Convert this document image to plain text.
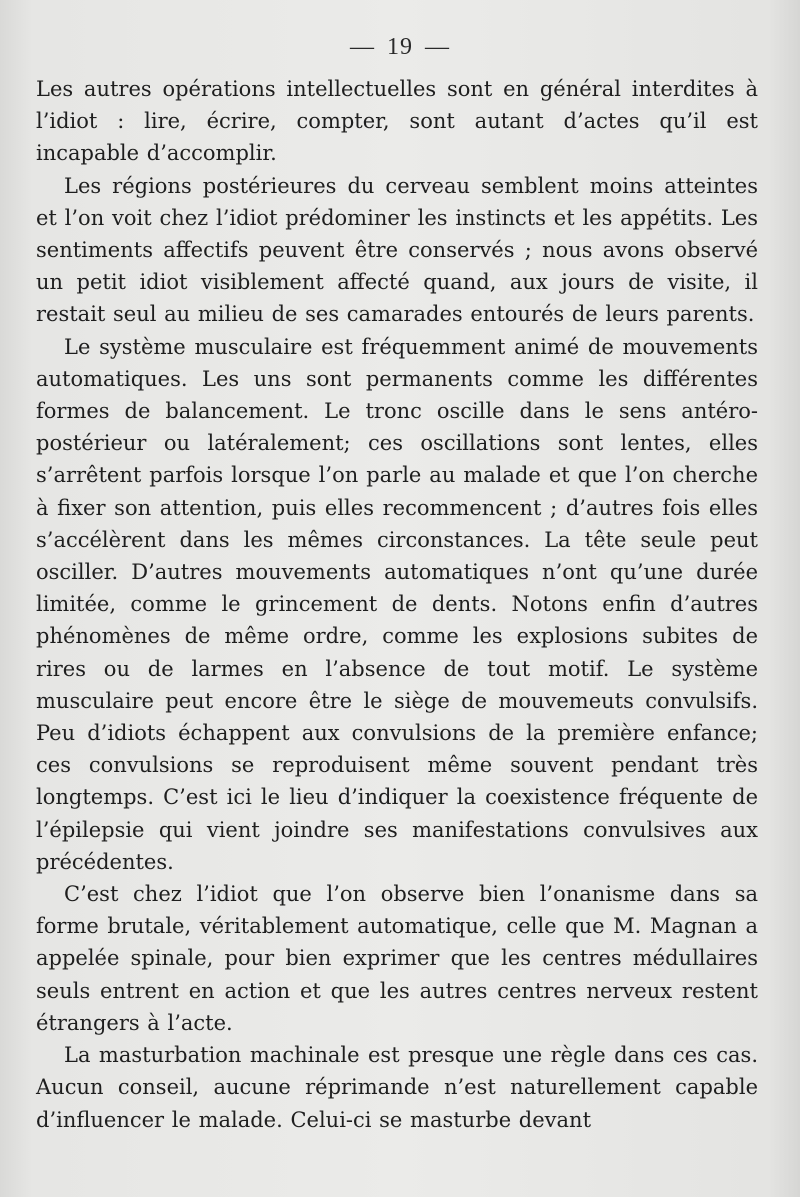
— 19 —

Les autres opérations intellectuelles sont en général interdites à l’idiot : lire, écrire, compter, sont autant d’actes qu’il est incapable d’accomplir.

Les régions postérieures du cerveau semblent moins atteintes et l’on voit chez l’idiot prédominer les instincts et les appétits. Les sentiments affectifs peuvent être conservés ; nous avons observé un petit idiot visiblement affecté quand, aux jours de visite, il restait seul au milieu de ses camarades entourés de leurs parents.

Le système musculaire est fréquemment animé de mouvements automatiques. Les uns sont permanents comme les différentes formes de balancement. Le tronc oscille dans le sens antéro-postérieur ou latéralement; ces oscillations sont lentes, elles s’arrêtent parfois lorsque l’on parle au malade et que l’on cherche à fixer son attention, puis elles recommencent ; d’autres fois elles s’accélèrent dans les mêmes circonstances. La tête seule peut osciller. D’autres mouvements automatiques n’ont qu’une durée limitée, comme le grincement de dents. Notons enfin d’autres phénomènes de même ordre, comme les explosions subites de rires ou de larmes en l’absence de tout motif. Le système musculaire peut encore être le siège de mouvemeuts convulsifs. Peu d’idiots échappent aux convulsions de la première enfance; ces convulsions se reproduisent même souvent pendant très longtemps. C’est ici le lieu d’indiquer la coexistence fréquente de l’épilepsie qui vient joindre ses manifestations convulsives aux précédentes.

C’est chez l’idiot que l’on observe bien l’onanisme dans sa forme brutale, véritablement automatique, celle que M. Magnan a appelée spinale, pour bien exprimer que les centres médullaires seuls entrent en action et que les autres centres nerveux restent étrangers à l’acte.

La masturbation machinale est presque une règle dans ces cas. Aucun conseil, aucune réprimande n’est naturellement capable d’influencer le malade. Celui-ci se masturbe devant
